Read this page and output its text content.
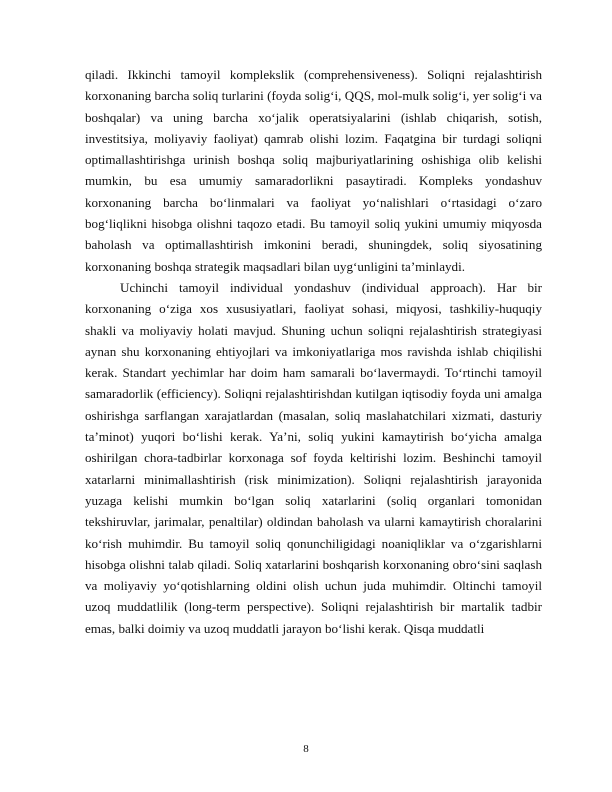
qiladi. Ikkinchi tamoyil komplekslik (comprehensiveness). Soliqni rejalashtirish korxonaning barcha soliq turlarini (foyda solig‘i, QQS, mol-mulk solig‘i, yer solig‘i va boshqalar) va uning barcha xo‘jalik operatsiyalarini (ishlab chiqarish, sotish, investitsiya, moliyaviy faoliyat) qamrab olishi lozim. Faqatgina bir turdagi soliqni optimallashtirishga urinish boshqa soliq majburiyatlarining oshishiga olib kelishi mumkin, bu esa umumiy samaradorlikni pasaytiradi. Kompleks yondashuv korxonaning barcha bo‘linmalari va faoliyat yo‘nalishlari o‘rtasidagi o‘zaro bog‘liqlikni hisobga olishni taqozo etadi. Bu tamoyil soliq yukini umumiy miqyosda baholash va optimallashtirish imkonini beradi, shuningdek, soliq siyosatining korxonaning boshqa strategik maqsadlari bilan uyg‘unligini ta’minlaydi.

Uchinchi tamoyil individual yondashuv (individual approach). Har bir korxonaning o‘ziga xos xususiyatlari, faoliyat sohasi, miqyosi, tashkiliy-huquqiy shakli va moliyaviy holati mavjud. Shuning uchun soliqni rejalashtirish strategiyasi aynan shu korxonaning ehtiyojlari va imkoniyatlariga mos ravishda ishlab chiqilishi kerak. Standart yechimlar har doim ham samarali bo‘lavermaydi. To‘rtinchi tamoyil samaradorlik (efficiency). Soliqni rejalashtirishdan kutilgan iqtisodiy foyda uni amalga oshirishga sarflangan xarajatlardan (masalan, soliq maslahatchilari xizmati, dasturiy ta’minot) yuqori bo‘lishi kerak. Ya’ni, soliq yukini kamaytirish bo‘yicha amalga oshirilgan chora-tadbirlar korxonaga sof foyda keltirishi lozim. Beshinchi tamoyil xatarlarni minimallashtirish (risk minimization). Soliqni rejalashtirish jarayonida yuzaga kelishi mumkin bo‘lgan soliq xatarlarini (soliq organlari tomonidan tekshiruvlar, jarimalar, penaltilar) oldindan baholash va ularni kamaytirish choralarini ko‘rish muhimdir. Bu tamoyil soliq qonunchiligidagi noaniqliklar va o‘zgarishlarni hisobga olishni talab qiladi. Soliq xatarlarini boshqarish korxonaning obro‘sini saqlash va moliyaviy yo‘qotishlarning oldini olish uchun juda muhimdir. Oltinchi tamoyil uzoq muddatlilik (long-term perspective). Soliqni rejalashtirish bir martalik tadbir emas, balki doimiy va uzoq muddatli jarayon bo‘lishi kerak. Qisqa muddatli

8
